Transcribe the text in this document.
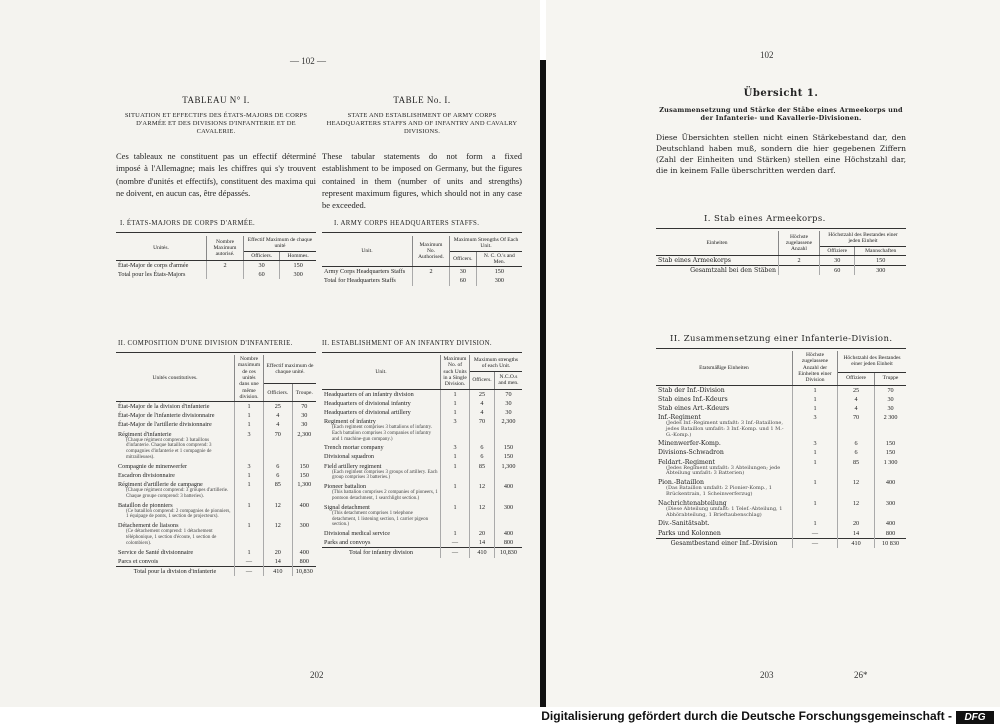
— 102 —
TABLEAU N° I.
SITUATION ET EFFECTIFS DES ÉTATS-MAJORS DE CORPS D'ARMÉE ET DES DIVISIONS D'INFANTERIE ET DE CAVALERIE.
Ces tableaux ne constituent pas un effectif déterminé imposé à l'Allemagne; mais les chiffres qui s'y trouvent (nombre d'unités et effectifs), constituent des maxima qui ne doivent, en aucun cas, être dépassés.
TABLE No. I.
STATE AND ESTABLISHMENT OF ARMY CORPS HEADQUARTERS STAFFS AND OF INFANTRY AND CAVALRY DIVISIONS.
These tabular statements do not form a fixed establishment to be imposed on Germany, but the figures contained in them (number of units and strengths) represent maximum figures, which should not in any case be exceeded.
I. ÉTATS-MAJORS DE CORPS D'ARMÉE.	I. ARMY CORPS HEADQUARTERS STAFFS.
Unités.	Nombre Maximum autorisé.	Effectif Maximum de chaque unité	
		Officiers.	Hommes.
État-Major de corps d'armée	2	30	150
Total pour les États-Majors		60	300
Unit.	Maximum No. Authorised.	Maximum Strengths Of Each Unit.	
		Officers.	N. C. O.'s and Men.
Army Corps Headquarters Staffs	2	30	150
Total for Headquarters Staffs		60	300
II. COMPOSITION D'UNE DIVISION D'INFANTERIE.	II. ESTABLISHMENT OF AN INFANTRY DIVISION.
Unités constitutives.	Nombre maximum de ces unités dans une même division.	Effectif maximum de chaque unité.	
		Officiers.	Troupe.

État-Major de la division d'infanterie	1	25	70

État-Major de l'infanterie divisionnaire	1	4	30

État-Major de l'artillerie divisionnaire	1	4	30

Régiment d'infanterie
(Chaque régiment comprend: 3 bataillons d'infanterie. Chaque bataillon comprend: 3 compagnies d'infanterie et 1 compagnie de mitrailleuses).	3	70	2,300

Compagnie de minenwerfer	3	6	150

Escadron divisionnaire	1	6	150

Régiment d'artillerie de campagne
(Chaque régiment comprend: 3 groupes d'artillerie. Chaque groupe comprend: 3 batteries).	1	85	1,300

Bataillon de pionniers
(Ce bataillon comprend: 2 compagnies de pionniers, 1 équipage de ponts, 1 section de projecteurs).	1	12	400

Détachement de liaisons
(Ce détachement comprend: 1 détachement téléphonique, 1 section d'écoute, 1 section de colombiers).	1	12	300

Service de Santé divisionnaire	1	20	400

Parcs et convois	—	14	800
Total pour la division d'infanterie	—	410	10,830
Unit.	Maximum No. of such Units in a Single Division.	Maximum strengths of each Unit.	
		Officers.	N.C.O.s and men.

Headquarters of an infantry division	1	25	70

Headquarters of divisional infantry	1	4	30

Headquarters of divisional artillery	1	4	30

Regiment of infantry
(Each regiment comprises 3 battalions of infantry. Each battalion comprises 3 companies of infantry and 1 machine-gun company.)	3	70	2,300

Trench mortar company	3	6	150

Divisional squadron	1	6	150

Field artillery regiment
(Each regiment comprises 3 groups of artillery. Each group comprises 3 batteries.)	1	85	1,300

Pioneer battalion
(This battalion comprises 2 companies of pioneers, 1 pontoon detachment, 1 searchlight section.)	1	12	400

Signal detachment
(This detachment comprises 1 telephone detachment, 1 listening section, 1 carrier pigeon section.)	1	12	300

Divisional medical service	1	20	400

Parks and convoys	—	14	800
Total for infantry division	—	410	10,830
202
102
Übersicht 1.
Zusammensetzung und Stärke der Stäbe eines Armeekorps und der Infanterie- und Kavallerie-Divisionen.
Diese Übersichten stellen nicht einen Stärkebestand dar, den Deutschland haben muß, sondern die hier gegebenen Ziffern (Zahl der Einheiten und Stärken) stellen eine Höchstzahl dar, die in keinem Falle überschritten werden darf.
I. Stab eines Armeekorps.
Einheiten	Höchste zugelassene Anzahl	Höchstzahl des Bestandes einer jeden Einheit	
		Offiziere	Mannschaften
Stab eines Armeekorps	2	30	150
Gesamtzahl bei den Stäben		60	300
II. Zusammensetzung einer Infanterie-Division.
Etatsmäßige Einheiten	Höchste zugelassene Anzahl der Einheiten einer Division	Höchstzahl des Bestandes einer jeden Einheit	
		Offiziere	Truppe

Stab der Inf.-Division	1	25	70

Stab eines Inf.-Kdeurs	1	4	30

Stab eines Art.-Kdeurs	1	4	30

Inf.-Regiment
(Jedes Inf.-Regiment umfaßt: 3 Inf.-Bataillone, jedes Bataillon umfaßt: 3 Inf.-Komp. und 1 M.-G.-Komp.)	3	70	2 300

Minenwerfer-Komp.	3	6	150

Divisions-Schwadron	1	6	150

Feldart.-Regiment
(Jedes Regiment umfaßt: 3 Abteilungen; jede Abteilung umfaßt: 3 Batterien)	1	85	1 300

Pion.-Bataillon
(Das Bataillon umfaßt: 2 Pionier-Komp., 1 Brückentrain, 1 Scheinwerferzug)	1	12	400

Nachrichtenabteilung
(Diese Abteilung umfaßt: 1 Telef.-Abteilung, 1 Abhörabteilung, 1 Brieftaubenschlag)	1	12	300

Div.-Sanitätsabt.	1	20	400

Parks und Kolonnen	—	14	800
Gesamtbestand einer Inf.-Division	—	410	10 830
203	26*
Digitalisierung gefördert durch die Deutsche Forschungsgemeinschaft -	DFG
